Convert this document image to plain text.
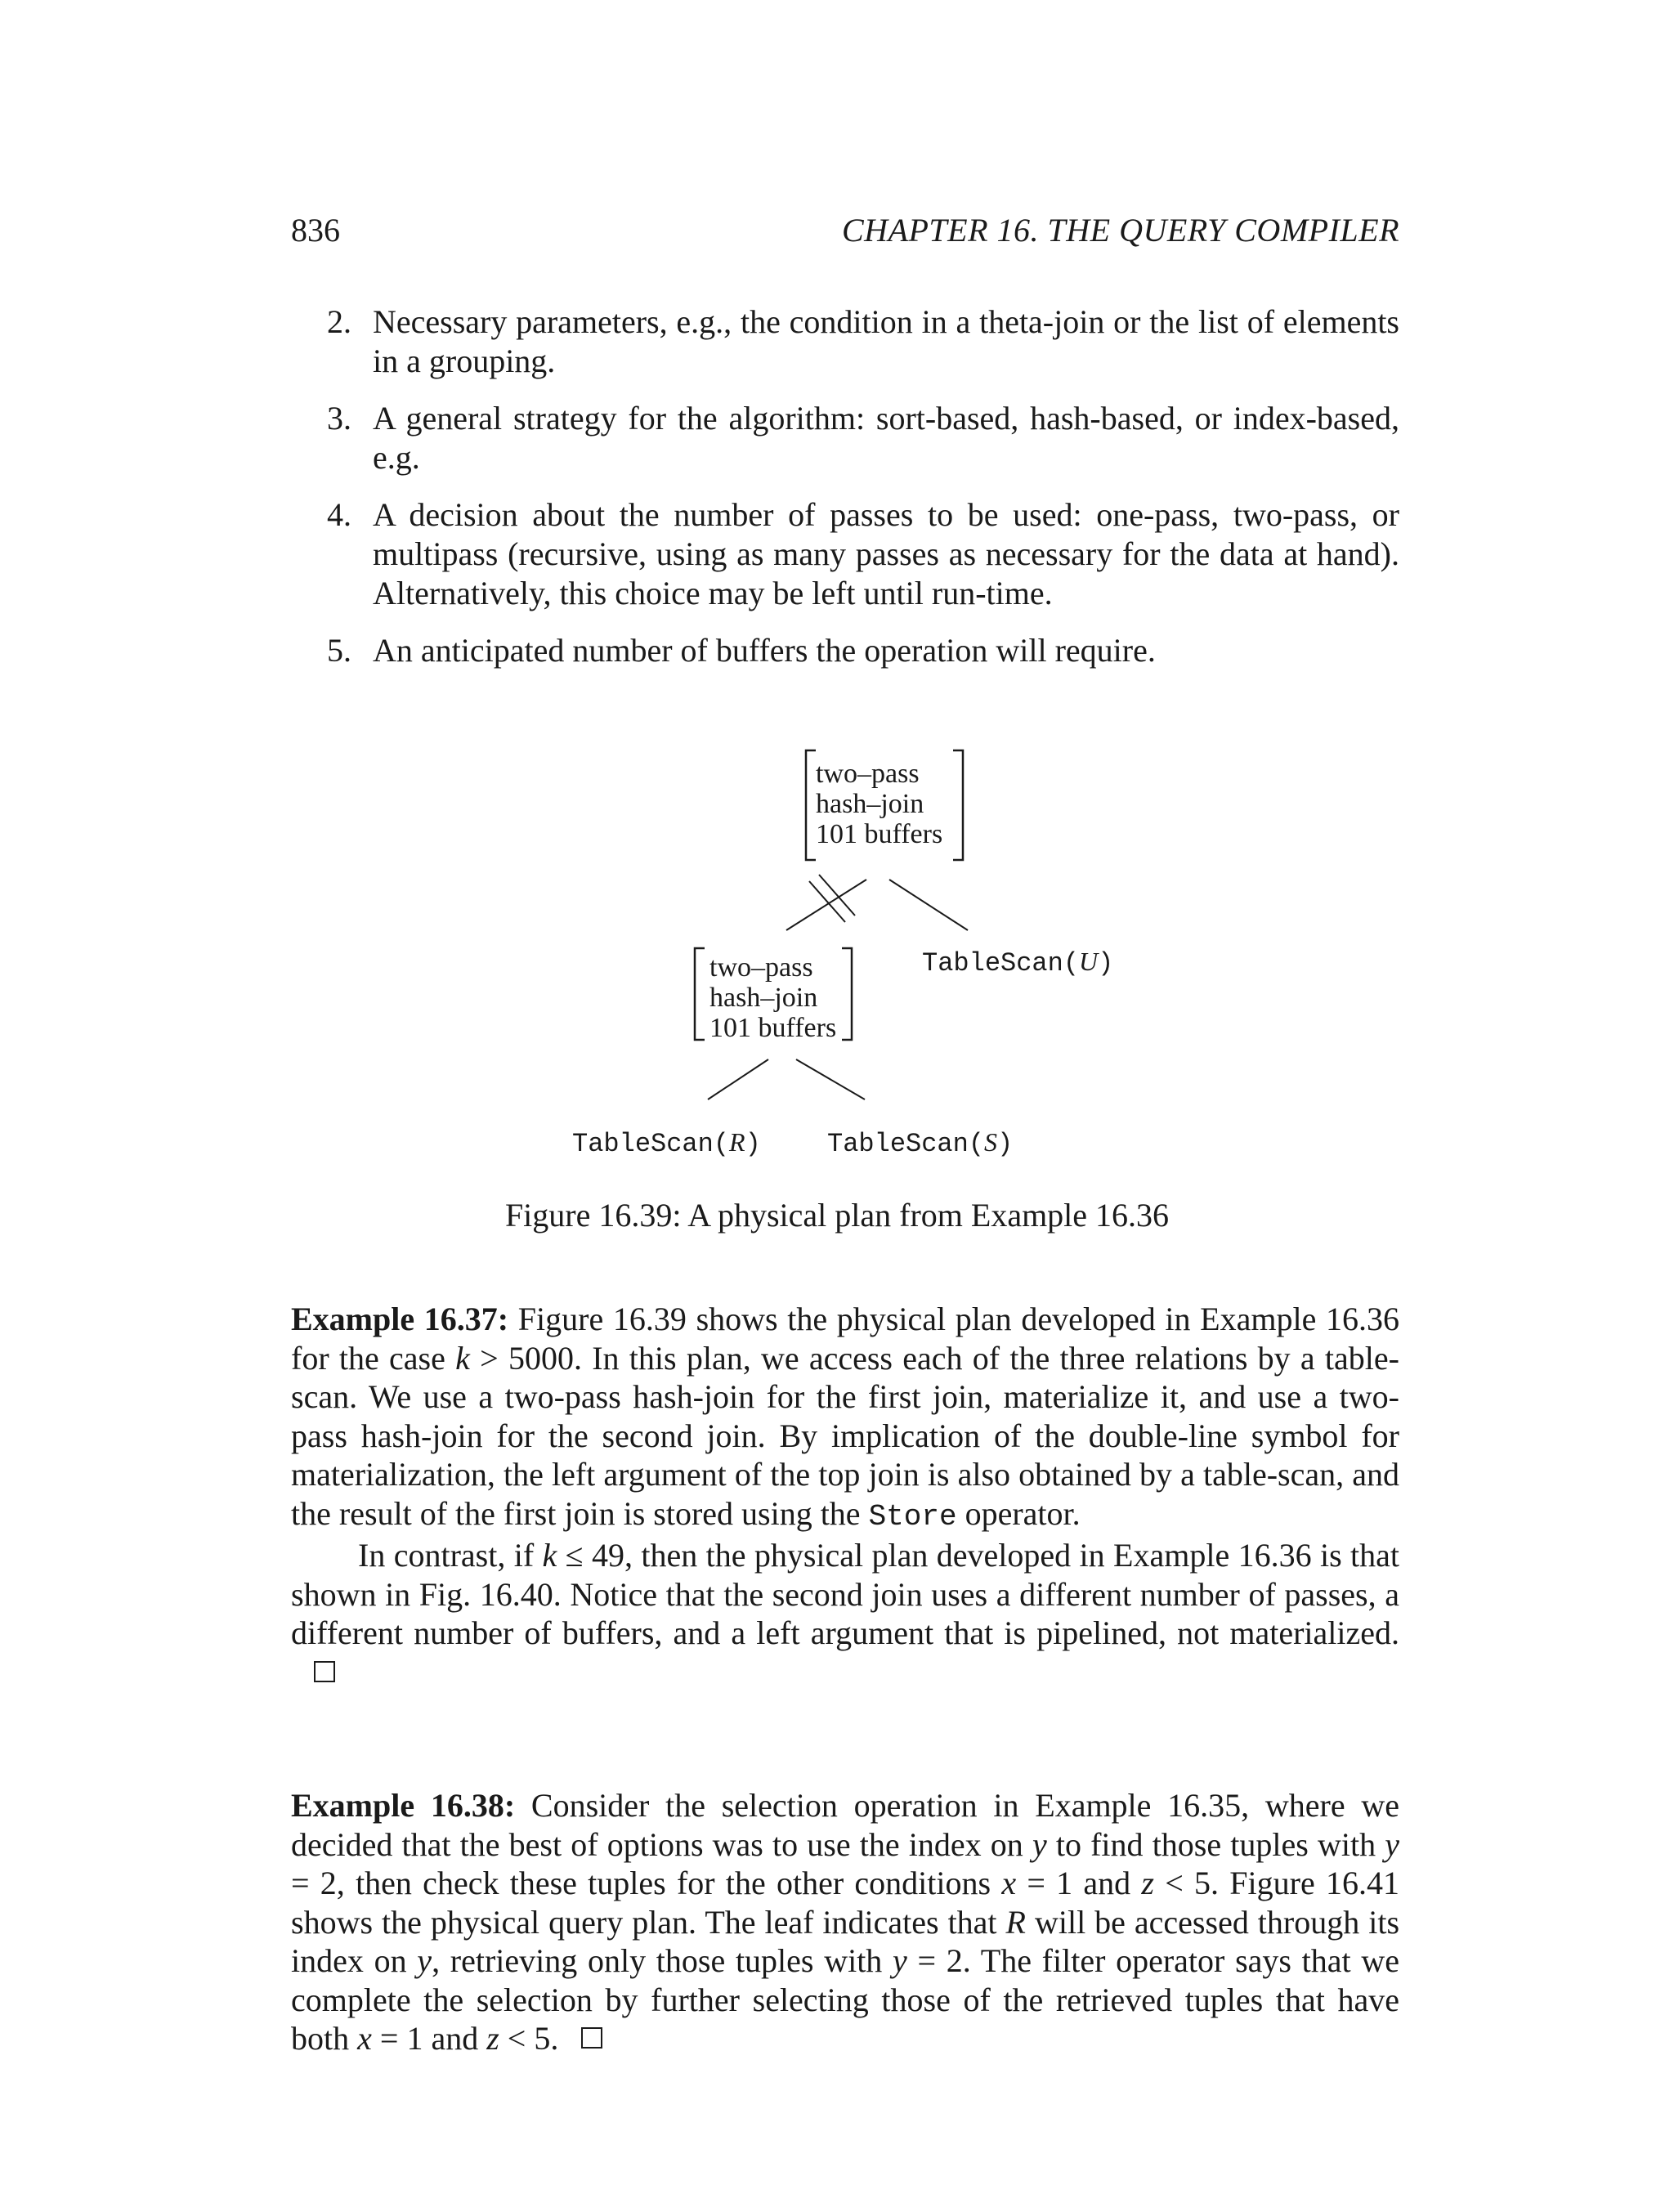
836	CHAPTER 16. THE QUERY COMPILER
2. Necessary parameters, e.g., the condition in a theta-join or the list of elements in a grouping.
3. A general strategy for the algorithm: sort-based, hash-based, or index-based, e.g.
4. A decision about the number of passes to be used: one-pass, two-pass, or multipass (recursive, using as many passes as necessary for the data at hand). Alternatively, this choice may be left until run-time.
5. An anticipated number of buffers the operation will require.
two–pass
hash–join
101 buffers
TableScan(U)
two–pass
hash–join
101 buffers
TableScan(R)	TableScan(S)
Figure 16.39: A physical plan from Example 16.36

Example 16.37: Figure 16.39 shows the physical plan developed in Example 16.36 for the case k > 5000. In this plan, we access each of the three relations by a table-scan. We use a two-pass hash-join for the first join, materialize it, and use a two-pass hash-join for the second join. By implication of the double-line symbol for materialization, the left argument of the top join is also obtained by a table-scan, and the result of the first join is stored using the Store operator.

In contrast, if k ≤ 49, then the physical plan developed in Example 16.36 is that shown in Fig. 16.40. Notice that the second join uses a different number of passes, a different number of buffers, and a left argument that is pipelined, not materialized.

Example 16.38: Consider the selection operation in Example 16.35, where we decided that the best of options was to use the index on y to find those tuples with y = 2, then check these tuples for the other conditions x = 1 and z < 5. Figure 16.41 shows the physical query plan. The leaf indicates that R will be accessed through its index on y, retrieving only those tuples with y = 2. The filter operator says that we complete the selection by further selecting those of the retrieved tuples that have both x = 1 and z < 5.
